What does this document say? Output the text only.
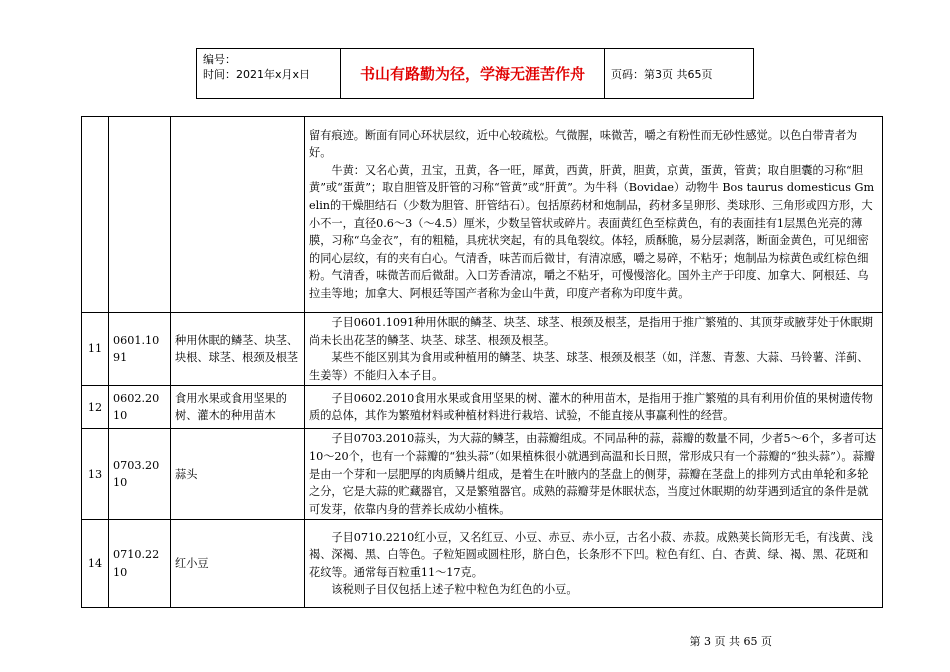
编号：
时间：2021年x月x日	书山有路勤为径，学海无涯苦作舟	页码：第3页 共65页

			留有痕迹。断面有同心环状层纹，近中心较疏松。气微腥，味微苦，嚼之有粉性而无砂性感觉。以色白带青者为好。

牛黄：又名心黄，丑宝，丑黄，各一旺，犀黄，西黄，肝黄，胆黄，京黄，蛋黄，管黄；取自胆囊的习称“胆黄”或“蛋黄”；取自胆管及肝管的习称“管黄”或“肝黄”。为牛科（Bovidae）动物牛 Bos taurus domesticus Gmelin的干燥胆结石（少数为胆管、肝管结石）。包括原药材和炮制品，药材多呈卵形、类球形、三角形或四方形，大小不一，直径0.6～3（～4.5）厘米，少数呈管状或碎片。表面黄红色至棕黄色，有的表面挂有1层黑色光亮的薄膜，习称“乌金衣”，有的粗糙，具疣状突起，有的具龟裂纹。体轻，质酥脆，易分层剥落，断面金黄色，可见细密的同心层纹，有的夹有白心。气清香，味苦而后微甘，有清凉感，嚼之易碎，不粘牙；炮制品为棕黄色或红棕色细粉。气清香，味微苦而后微甜。入口芳香清凉，嚼之不粘牙，可慢慢溶化。国外主产于印度、加拿大、阿根廷、乌拉圭等地；加拿大、阿根廷等国产者称为金山牛黄，印度产者称为印度牛黄。

11	0601.1091	种用休眠的鳞茎、块茎、块根、球茎、根颈及根茎	子目0601.1091种用休眠的鳞茎、块茎、球茎、根颈及根茎，是指用于推广繁殖的、其顶芽或腋芽处于休眠期尚未长出花茎的鳞茎、块茎、球茎、根颈及根茎。

某些不能区别其为食用或种植用的鳞茎、块茎、球茎、根颈及根茎（如，洋葱、青葱、大蒜、马铃薯、洋蓟、生姜等）不能归入本子目。

12	0602.2010	食用水果或食用坚果的树、灌木的种用苗木	子目0602.2010食用水果或食用坚果的树、灌木的种用苗木，是指用于推广繁殖的具有利用价值的果树遗传物质的总体，其作为繁殖材料或种植材料进行栽培、试验，不能直接从事赢利性的经营。

13	0703.2010	蒜头	子目0703.2010蒜头，为大蒜的鳞茎，由蒜瓣组成。不同品种的蒜，蒜瓣的数量不同，少者5～6个，多者可达10～20个，也有一个蒜瓣的“独头蒜”（如果植株很小就遇到高温和长日照，常形成只有一个蒜瓣的“独头蒜”）。蒜瓣是由一个芽和一层肥厚的肉质鳞片组成，是着生在叶腋内的茎盘上的侧芽，蒜瓣在茎盘上的排列方式由单轮和多轮之分，它是大蒜的贮藏器官，又是繁殖器官。成熟的蒜瓣芽是休眠状态，当度过休眠期的幼芽遇到适宜的条件是就可发芽，依靠内身的营养长成幼小植株。

14	0710.2210	红小豆	子目0710.2210红小豆，又名红豆、小豆、赤豆、赤小豆，古名小菽、赤菽。成熟荚长筒形无毛，有浅黄、浅褐、深褐、黑、白等色。子粒矩圆或圆柱形，脐白色，长条形不下凹。粒色有红、白、杏黄、绿、褐、黑、花斑和花纹等。通常每百粒重11～17克。

该税则子目仅包括上述子粒中粒色为红色的小豆。

第 3 页 共 65 页
